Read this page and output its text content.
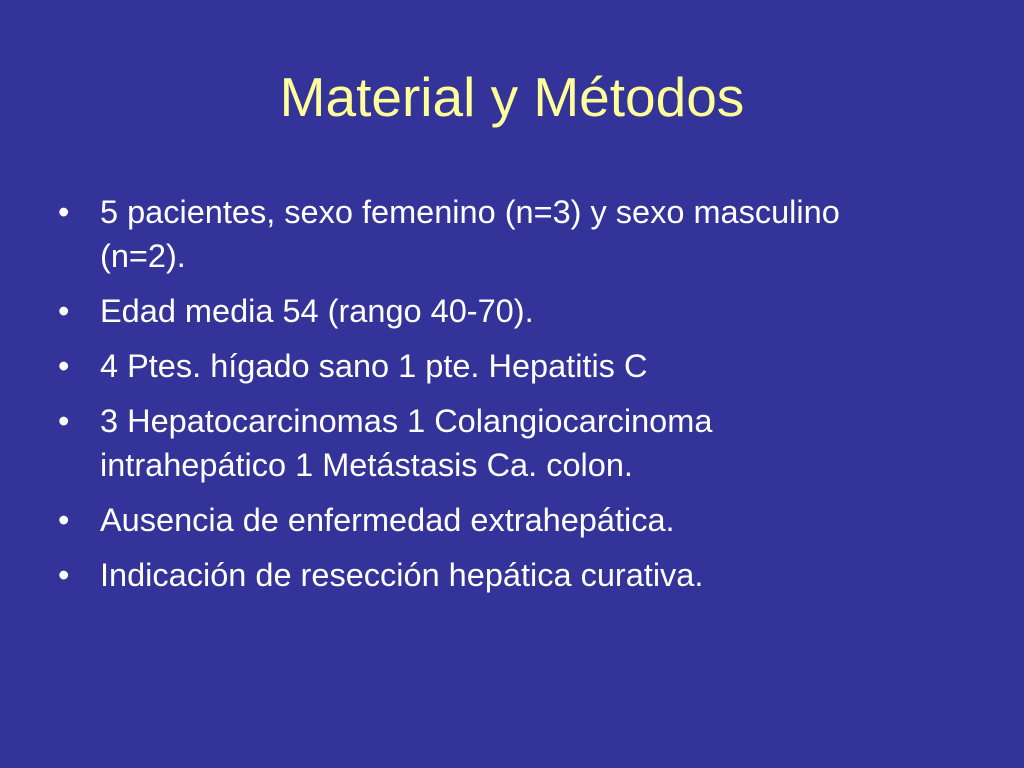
Material y Métodos
• 5 pacientes, sexo femenino (n=3) y sexo masculino (n=2).
• Edad media 54 (rango 40-70).
• 4 Ptes. hígado sano 1 pte. Hepatitis C
• 3 Hepatocarcinomas 1 Colangiocarcinoma intrahepático 1 Metástasis Ca. colon.
• Ausencia de enfermedad extrahepática.
• Indicación de resección hepática curativa.
